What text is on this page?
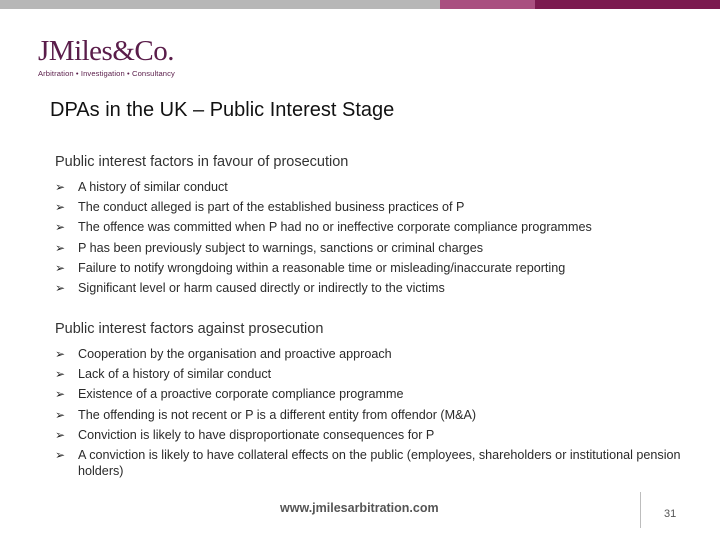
JMiles&Co.
Arbitration • Investigation • Consultancy
DPAs in the UK – Public Interest Stage
Public interest factors in favour of prosecution
➢ A history of similar conduct
➢ The conduct alleged is part of the established business practices of P
➢ The offence was committed when P had no or ineffective corporate compliance programmes
➢ P has been previously subject to warnings, sanctions or criminal charges
➢ Failure to notify wrongdoing within a reasonable time or misleading/inaccurate reporting
➢ Significant level or harm caused directly or indirectly to the victims
Public interest factors against prosecution
➢ Cooperation by the organisation and proactive approach
➢ Lack of a history of similar conduct
➢ Existence of a proactive corporate compliance programme
➢ The offending is not recent or P is a different entity from offendor (M&A)
➢ Conviction is likely to have disproportionate consequences for P
➢ A conviction is likely to have collateral effects on the public (employees, shareholders or institutional pension holders)
www.jmilesarbitration.com	31
